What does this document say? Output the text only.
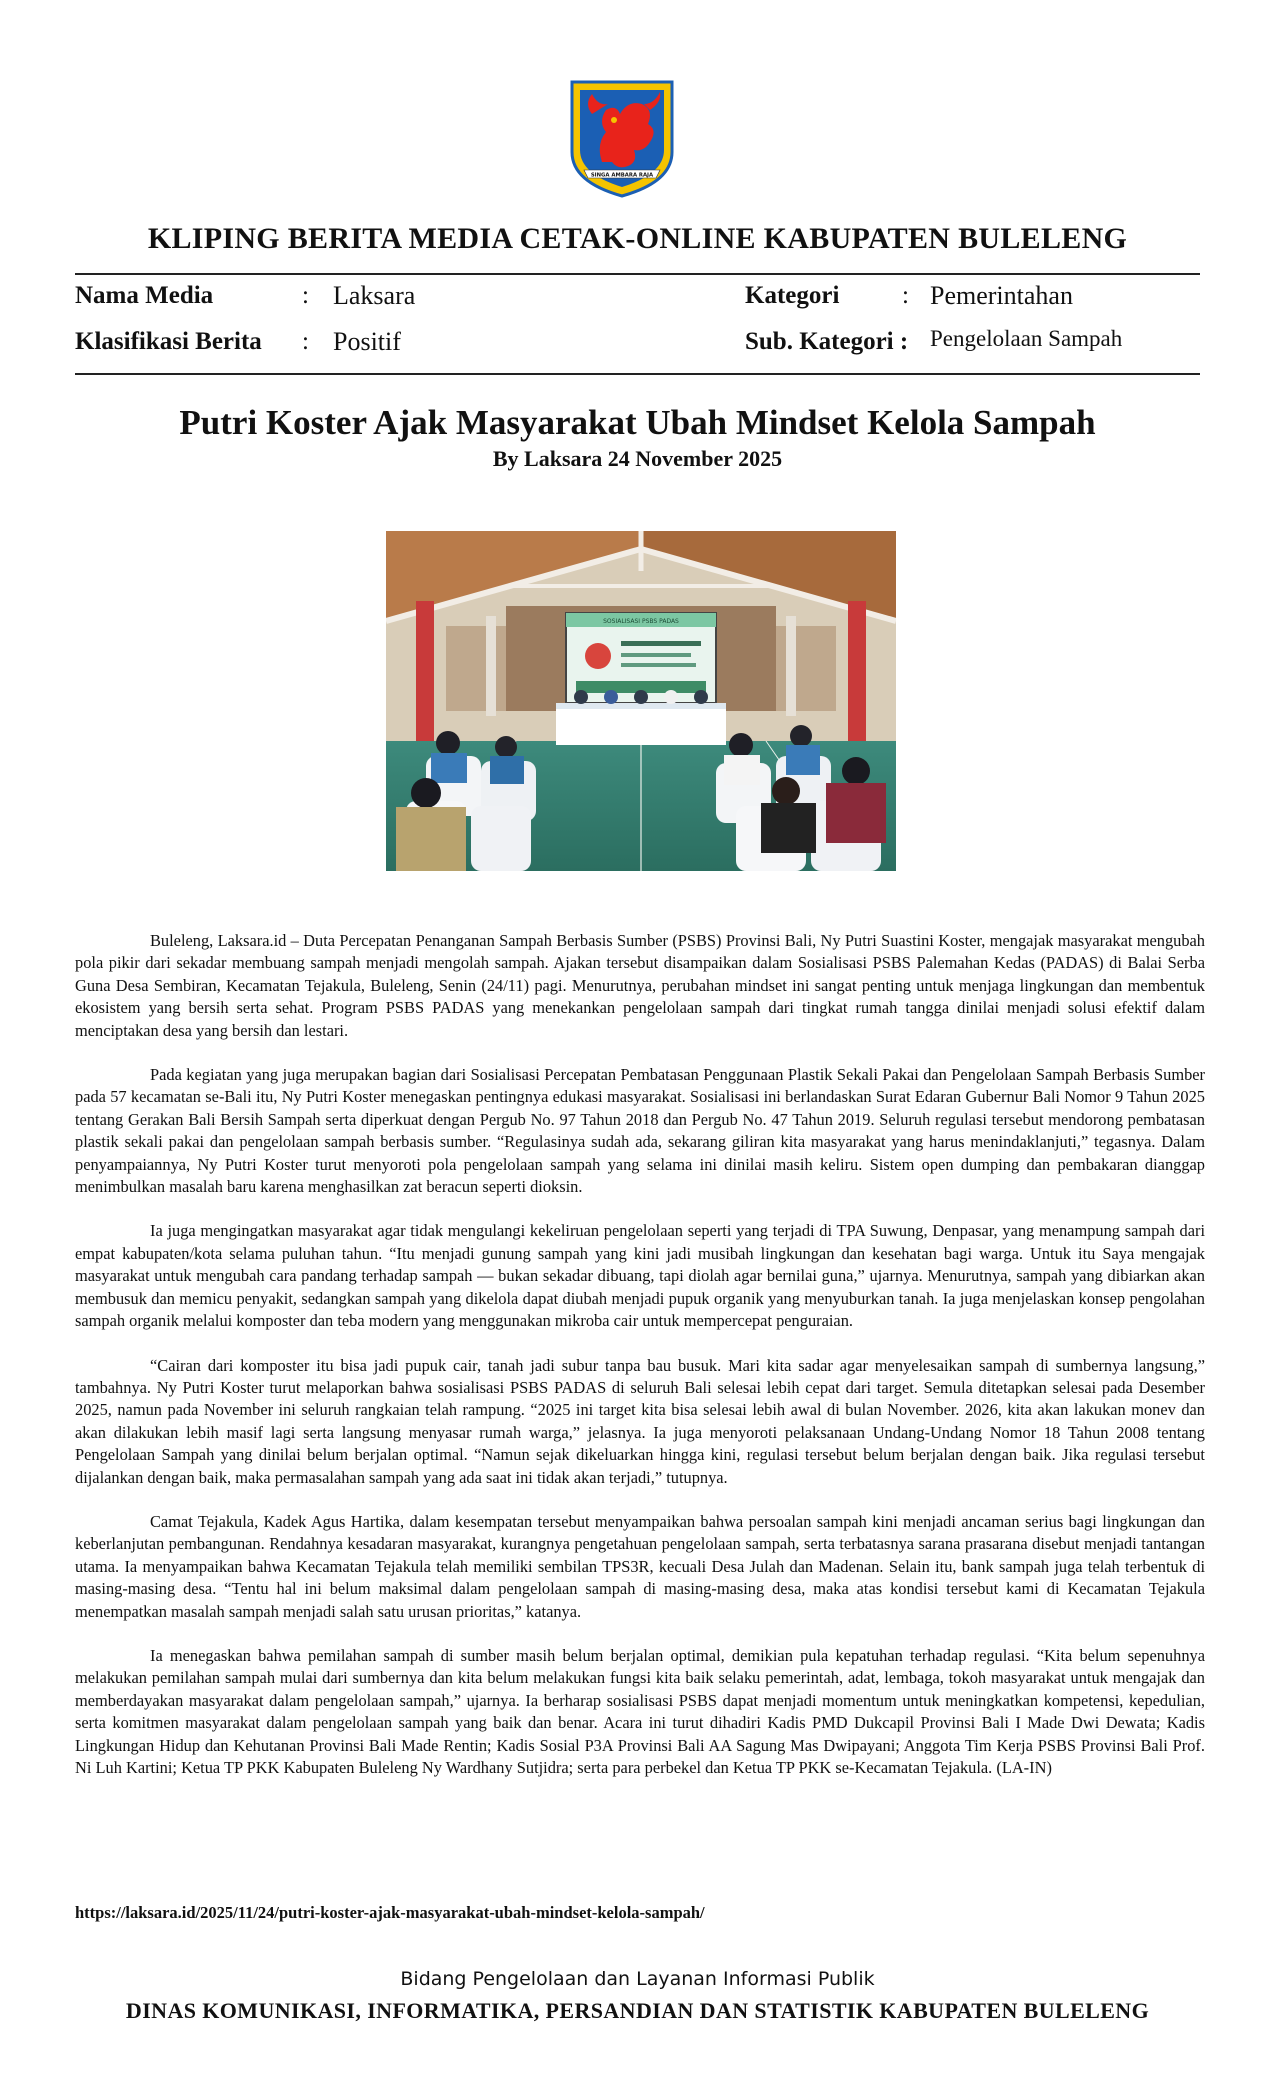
SINGA AMBARA RAJA
KLIPING BERITA MEDIA CETAK-ONLINE KABUPATEN BULELENG
Nama Media	: Laksara	Kategori	: Pemerintahan
Klasifikasi Berita : Positif	Sub. Kategori : Pengelolaan Sampah
Putri Koster Ajak Masyarakat Ubah Mindset Kelola Sampah
By Laksara 24 November 2025
SOSIALISASI PSBS PADAS

Buleleng, Laksara.id – Duta Percepatan Penanganan Sampah Berbasis Sumber (PSBS) Provinsi Bali, Ny Putri Suastini Koster, mengajak masyarakat mengubah pola pikir dari sekadar membuang sampah menjadi mengolah sampah. Ajakan tersebut disampaikan dalam Sosialisasi PSBS Palemahan Kedas (PADAS) di Balai Serba Guna Desa Sembiran, Kecamatan Tejakula, Buleleng, Senin (24/11) pagi. Menurutnya, perubahan mindset ini sangat penting untuk menjaga lingkungan dan membentuk ekosistem yang bersih serta sehat. Program PSBS PADAS yang menekankan pengelolaan sampah dari tingkat rumah tangga dinilai menjadi solusi efektif dalam menciptakan desa yang bersih dan lestari.

Pada kegiatan yang juga merupakan bagian dari Sosialisasi Percepatan Pembatasan Penggunaan Plastik Sekali Pakai dan Pengelolaan Sampah Berbasis Sumber pada 57 kecamatan se-Bali itu, Ny Putri Koster menegaskan pentingnya edukasi masyarakat. Sosialisasi ini berlandaskan Surat Edaran Gubernur Bali Nomor 9 Tahun 2025 tentang Gerakan Bali Bersih Sampah serta diperkuat dengan Pergub No. 97 Tahun 2018 dan Pergub No. 47 Tahun 2019. Seluruh regulasi tersebut mendorong pembatasan plastik sekali pakai dan pengelolaan sampah berbasis sumber. “Regulasinya sudah ada, sekarang giliran kita masyarakat yang harus menindaklanjuti,” tegasnya. Dalam penyampaiannya, Ny Putri Koster turut menyoroti pola pengelolaan sampah yang selama ini dinilai masih keliru. Sistem open dumping dan pembakaran dianggap menimbulkan masalah baru karena menghasilkan zat beracun seperti dioksin.

Ia juga mengingatkan masyarakat agar tidak mengulangi kekeliruan pengelolaan seperti yang terjadi di TPA Suwung, Denpasar, yang menampung sampah dari empat kabupaten/kota selama puluhan tahun. “Itu menjadi gunung sampah yang kini jadi musibah lingkungan dan kesehatan bagi warga. Untuk itu Saya mengajak masyarakat untuk mengubah cara pandang terhadap sampah — bukan sekadar dibuang, tapi diolah agar bernilai guna,” ujarnya. Menurutnya, sampah yang dibiarkan akan membusuk dan memicu penyakit, sedangkan sampah yang dikelola dapat diubah menjadi pupuk organik yang menyuburkan tanah. Ia juga menjelaskan konsep pengolahan sampah organik melalui komposter dan teba modern yang menggunakan mikroba cair untuk mempercepat penguraian.

“Cairan dari komposter itu bisa jadi pupuk cair, tanah jadi subur tanpa bau busuk. Mari kita sadar agar menyelesaikan sampah di sumbernya langsung,” tambahnya. Ny Putri Koster turut melaporkan bahwa sosialisasi PSBS PADAS di seluruh Bali selesai lebih cepat dari target. Semula ditetapkan selesai pada Desember 2025, namun pada November ini seluruh rangkaian telah rampung. “2025 ini target kita bisa selesai lebih awal di bulan November. 2026, kita akan lakukan monev dan akan dilakukan lebih masif lagi serta langsung menyasar rumah warga,” jelasnya. Ia juga menyoroti pelaksanaan Undang-Undang Nomor 18 Tahun 2008 tentang Pengelolaan Sampah yang dinilai belum berjalan optimal. “Namun sejak dikeluarkan hingga kini, regulasi tersebut belum berjalan dengan baik. Jika regulasi tersebut dijalankan dengan baik, maka permasalahan sampah yang ada saat ini tidak akan terjadi,” tutupnya.

Camat Tejakula, Kadek Agus Hartika, dalam kesempatan tersebut menyampaikan bahwa persoalan sampah kini menjadi ancaman serius bagi lingkungan dan keberlanjutan pembangunan. Rendahnya kesadaran masyarakat, kurangnya pengetahuan pengelolaan sampah, serta terbatasnya sarana prasarana disebut menjadi tantangan utama. Ia menyampaikan bahwa Kecamatan Tejakula telah memiliki sembilan TPS3R, kecuali Desa Julah dan Madenan. Selain itu, bank sampah juga telah terbentuk di masing-masing desa. “Tentu hal ini belum maksimal dalam pengelolaan sampah di masing-masing desa, maka atas kondisi tersebut kami di Kecamatan Tejakula menempatkan masalah sampah menjadi salah satu urusan prioritas,” katanya.

Ia menegaskan bahwa pemilahan sampah di sumber masih belum berjalan optimal, demikian pula kepatuhan terhadap regulasi. “Kita belum sepenuhnya melakukan pemilahan sampah mulai dari sumbernya dan kita belum melakukan fungsi kita baik selaku pemerintah, adat, lembaga, tokoh masyarakat untuk mengajak dan memberdayakan masyarakat dalam pengelolaan sampah,” ujarnya. Ia berharap sosialisasi PSBS dapat menjadi momentum untuk meningkatkan kompetensi, kepedulian, serta komitmen masyarakat dalam pengelolaan sampah yang baik dan benar. Acara ini turut dihadiri Kadis PMD Dukcapil Provinsi Bali I Made Dwi Dewata; Kadis Lingkungan Hidup dan Kehutanan Provinsi Bali Made Rentin; Kadis Sosial P3A Provinsi Bali AA Sagung Mas Dwipayani; Anggota Tim Kerja PSBS Provinsi Bali Prof. Ni Luh Kartini; Ketua TP PKK Kabupaten Buleleng Ny Wardhany Sutjidra; serta para perbekel dan Ketua TP PKK se-Kecamatan Tejakula. (LA-IN)

https://laksara.id/2025/11/24/putri-koster-ajak-masyarakat-ubah-mindset-kelola-sampah/
Bidang Pengelolaan dan Layanan Informasi Publik
DINAS KOMUNIKASI, INFORMATIKA, PERSANDIAN DAN STATISTIK KABUPATEN BULELENG
